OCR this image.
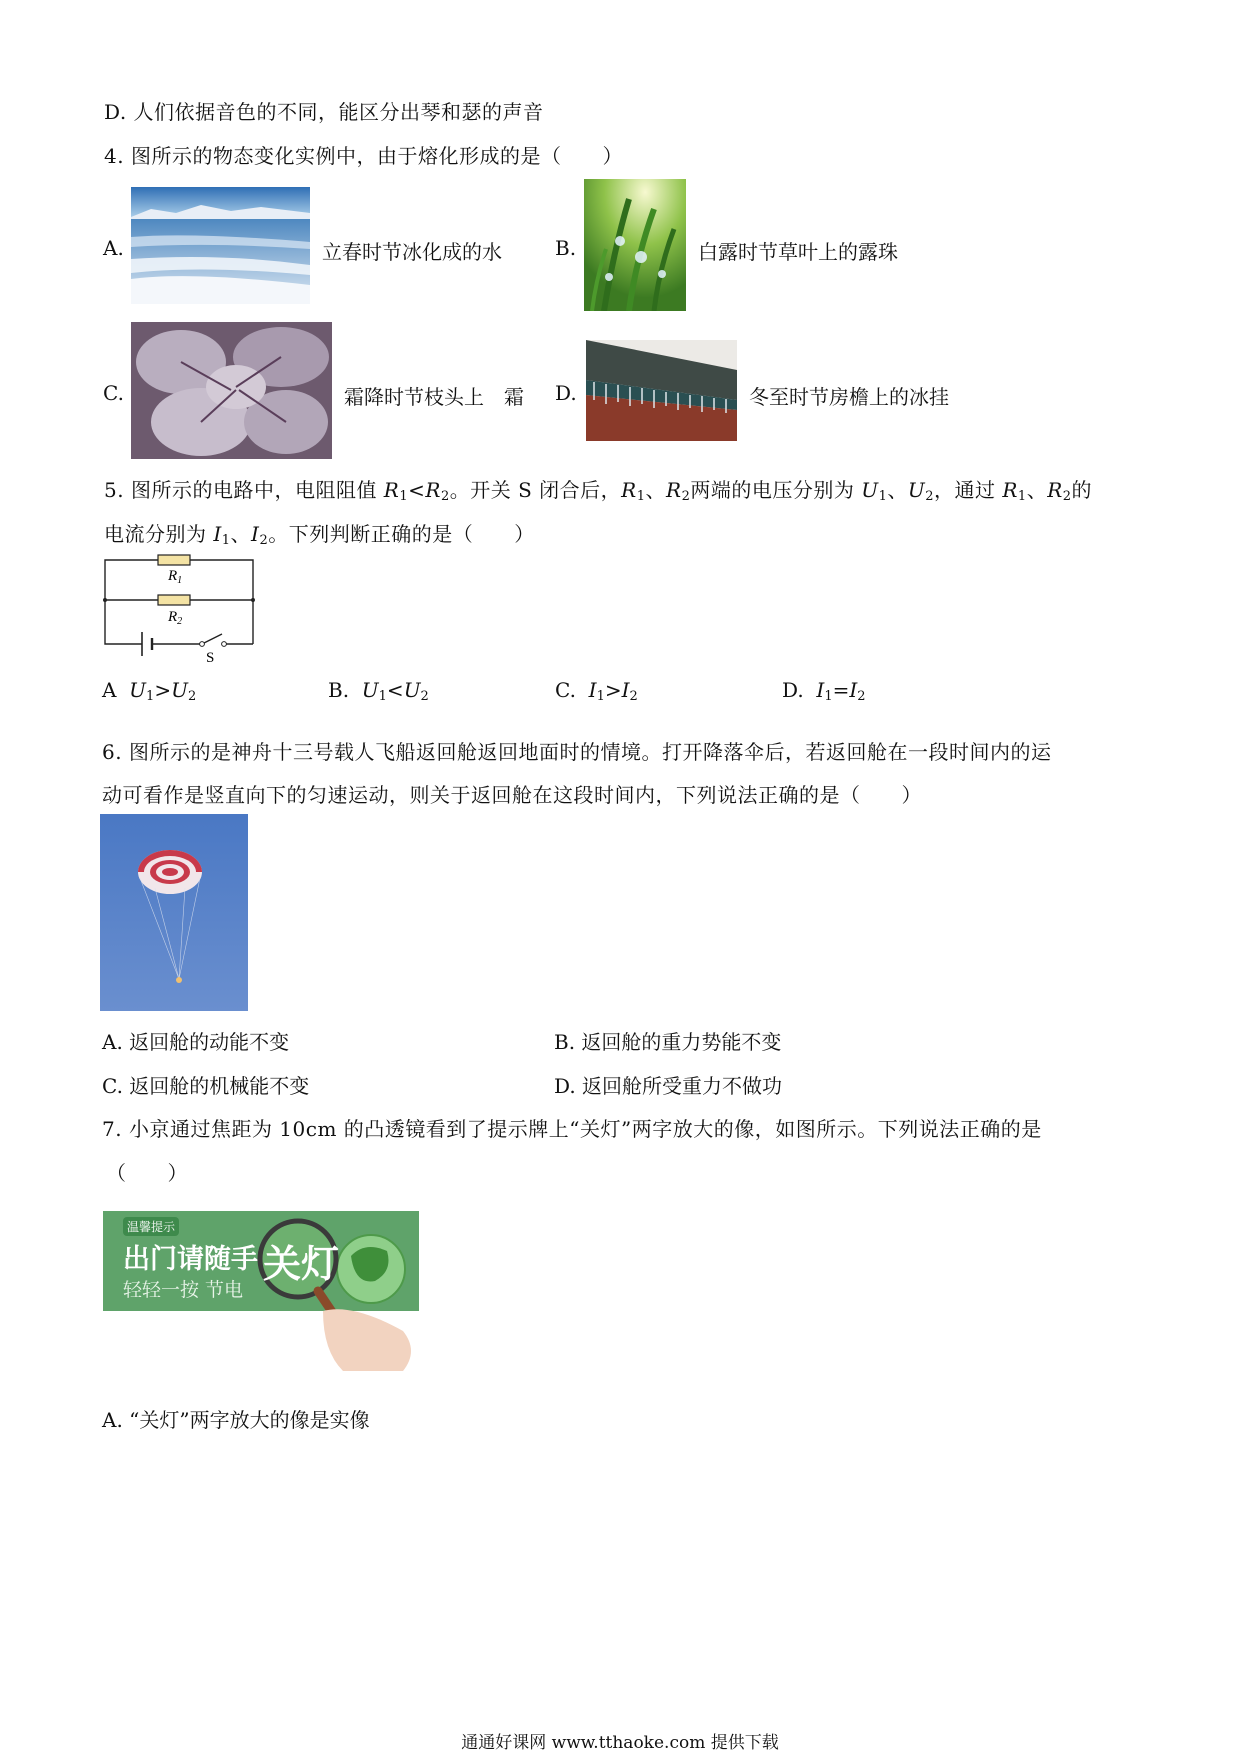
D. 人们依据音色的不同，能区分出琴和瑟的声音
4. 图所示的物态变化实例中，由于熔化形成的是（　　）
A.	立春时节冰化成的水	B.	白露时节草叶上的露珠
C.	霜降时节枝头上　霜 D.	冬至时节房檐上的冰挂
5. 图所示的电路中，电阻阻值 $R_1<R_2$。开关 S 闭合后，$R_1$、$R_2$两端的电压分别为 $U_1$、$U_2$，通过 $R_1$、$R_2$的
电流分别为 $I_1$、$I_2$。下列判断正确的是（　　）
$R_1$
$R_2$
S
A $U_1>U_2$	B. $U_1<U_2$	C. $I_1>I_2$	D. $I_1=I_2$
6. 图所示的是神舟十三号载人飞船返回舱返回地面时的情境。打开降落伞后，若返回舱在一段时间内的运
动可看作是竖直向下的匀速运动，则关于返回舱在这段时间内，下列说法正确的是（　　）
A. 返回舱的动能不变	B. 返回舱的重力势能不变
C. 返回舱的机械能不变	D. 返回舱所受重力不做功
7. 小京通过焦距为 10cm 的凸透镜看到了提示牌上“关灯”两字放大的像，如图所示。下列说法正确的是
（　　）
温馨提示
出门请随手
轻轻一按 节电
关灯
A. “关灯”两字放大的像是实像
通通好课网 www.tthaoke.com 提供下载
